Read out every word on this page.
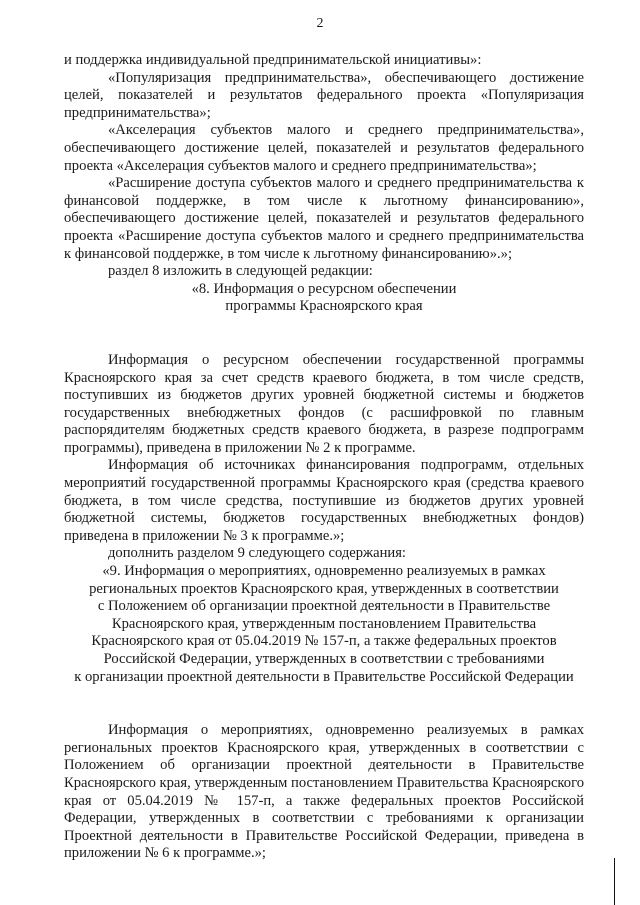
2

и поддержка индивидуальной предпринимательской инициативы»:

«Популяризация предпринимательства», обеспечивающего достижение целей, показателей и результатов федерального проекта «Популяризация предпринимательства»;

«Акселерация субъектов малого и среднего предпринимательства», обеспечивающего достижение целей, показателей и результатов федерального проекта «Акселерация субъектов малого и среднего предпринимательства»;

«Расширение доступа субъектов малого и среднего предпринимательства к финансовой поддержке, в том числе к льготному финансированию», обеспечивающего достижение целей, показателей и результатов федерального проекта «Расширение доступа субъектов малого и среднего предпринимательства к финансовой поддержке, в том числе к льготному финансированию».»;

раздел 8 изложить в следующей редакции:

«8. Информация о ресурсном обеспечении

программы Красноярского края

Информация о ресурсном обеспечении государственной программы Красноярского края за счет средств краевого бюджета, в том числе средств, поступивших из бюджетов других уровней бюджетной системы и бюджетов государственных внебюджетных фондов (с расшифровкой по главным распорядителям бюджетных средств краевого бюджета, в разрезе подпрограмм программы), приведена в приложении № 2 к программе.

Информация об источниках финансирования подпрограмм, отдельных мероприятий государственной программы Красноярского края (средства краевого бюджета, в том числе средства, поступившие из бюджетов других уровней бюджетной системы, бюджетов государственных внебюджетных фондов) приведена в приложении № 3 к программе.»;

дополнить разделом 9 следующего содержания:

«9. Информация о мероприятиях, одновременно реализуемых в рамках

региональных проектов Красноярского края, утвержденных в соответствии

с Положением об организации проектной деятельности в Правительстве

Красноярского края, утвержденным постановлением Правительства

Красноярского края от 05.04.2019 № 157-п, а также федеральных проектов

Российской Федерации, утвержденных в соответствии с требованиями

к организации проектной деятельности в Правительстве Российской Федерации

Информация о мероприятиях, одновременно реализуемых в рамках региональных проектов Красноярского края, утвержденных в соответствии с Положением об организации проектной деятельности в Правительстве Красноярского края, утвержденным постановлением Правительства Красноярского края от 05.04.2019 № 157-п, а также федеральных проектов Российской Федерации, утвержденных в соответствии с требованиями к организации Проектной деятельности в Правительстве Российской Федерации, приведена в приложении № 6 к программе.»;
